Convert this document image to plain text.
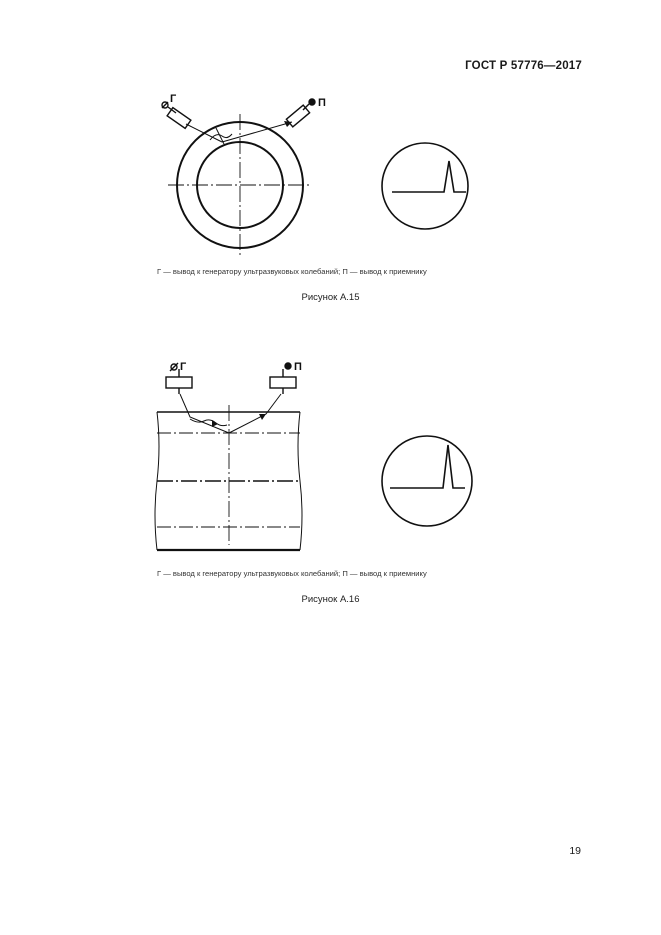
ГОСТ Р 57776—2017
Г	П
Г — вывод к генератору ультразвуковых колебаний; П — вывод к приемнику
Рисунок А.15
Г	П
Г — вывод к генератору ультразвуковых колебаний; П — вывод к приемнику
Рисунок А.16
19
